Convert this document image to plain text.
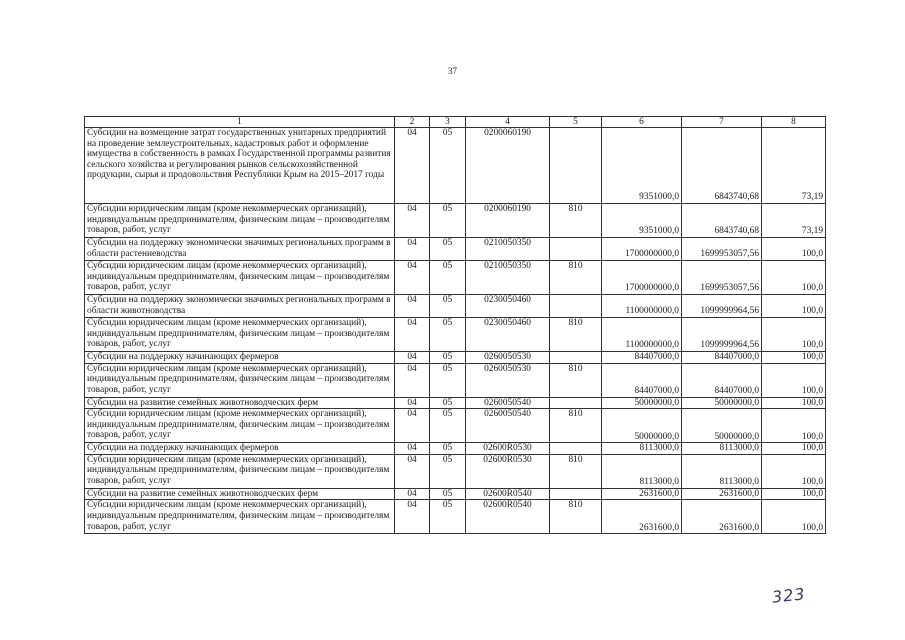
37
1	2	3	4	5	6	7	8
Субсидии на возмещение затрат государственных унитарных предприятий на проведение землеустроительных, кадастровых работ и оформление имущества в собственность в рамках Государственной программы развития сельского хозяйства и регулирования рынков сельскохозяйственной продукции, сырья и продовольствия Республики Крым на 2015–2017 годы	04	05	0200060190		9351000,0	6843740,68	73,19
Субсидии юридическим лицам (кроме некоммерческих организаций), индивидуальным предпринимателям, физическим лицам – производителям товаров, работ, услуг	04	05	0200060190	810	9351000,0	6843740,68	73,19
Субсидии на поддержку экономически значимых региональных программ в области растениеводства	04	05	0210050350		1700000000,0	1699953057,56	100,0
Субсидии юридическим лицам (кроме некоммерческих организаций), индивидуальным предпринимателям, физическим лицам – производителям товаров, работ, услуг	04	05	0210050350	810	1700000000,0	1699953057,56	100,0
Субсидии на поддержку экономически значимых региональных программ в области животноводства	04	05	0230050460		1100000000,0	1099999964,56	100,0
Субсидии юридическим лицам (кроме некоммерческих организаций), индивидуальным предпринимателям, физическим лицам – производителям товаров, работ, услуг	04	05	0230050460	810	1100000000,0	1099999964,56	100,0
Субсидии на поддержку начинающих фермеров	04	05	0260050530		84407000,0	84407000,0	100,0
Субсидии юридическим лицам (кроме некоммерческих организаций), индивидуальным предпринимателям, физическим лицам – производителям товаров, работ, услуг	04	05	0260050530	810	84407000,0	84407000,0	100,0
Субсидии на развитие семейных животноводческих ферм	04	05	0260050540		50000000,0	50000000,0	100,0
Субсидии юридическим лицам (кроме некоммерческих организаций), индивидуальным предпринимателям, физическим лицам – производителям товаров, работ, услуг	04	05	0260050540	810	50000000,0	50000000,0	100,0
Субсидии на поддержку начинающих фермеров	04	05	02600R0530		8113000,0	8113000,0	100,0
Субсидии юридическим лицам (кроме некоммерческих организаций), индивидуальным предпринимателям, физическим лицам – производителям товаров, работ, услуг	04	05	02600R0530	810	8113000,0	8113000,0	100,0
Субсидии на развитие семейных животноводческих ферм	04	05	02600R0540		2631600,0	2631600,0	100,0
Субсидии юридическим лицам (кроме некоммерческих организаций), индивидуальным предпринимателям, физическим лицам – производителям товаров, работ, услуг	04	05	02600R0540	810	2631600,0	2631600,0	100,0
323
